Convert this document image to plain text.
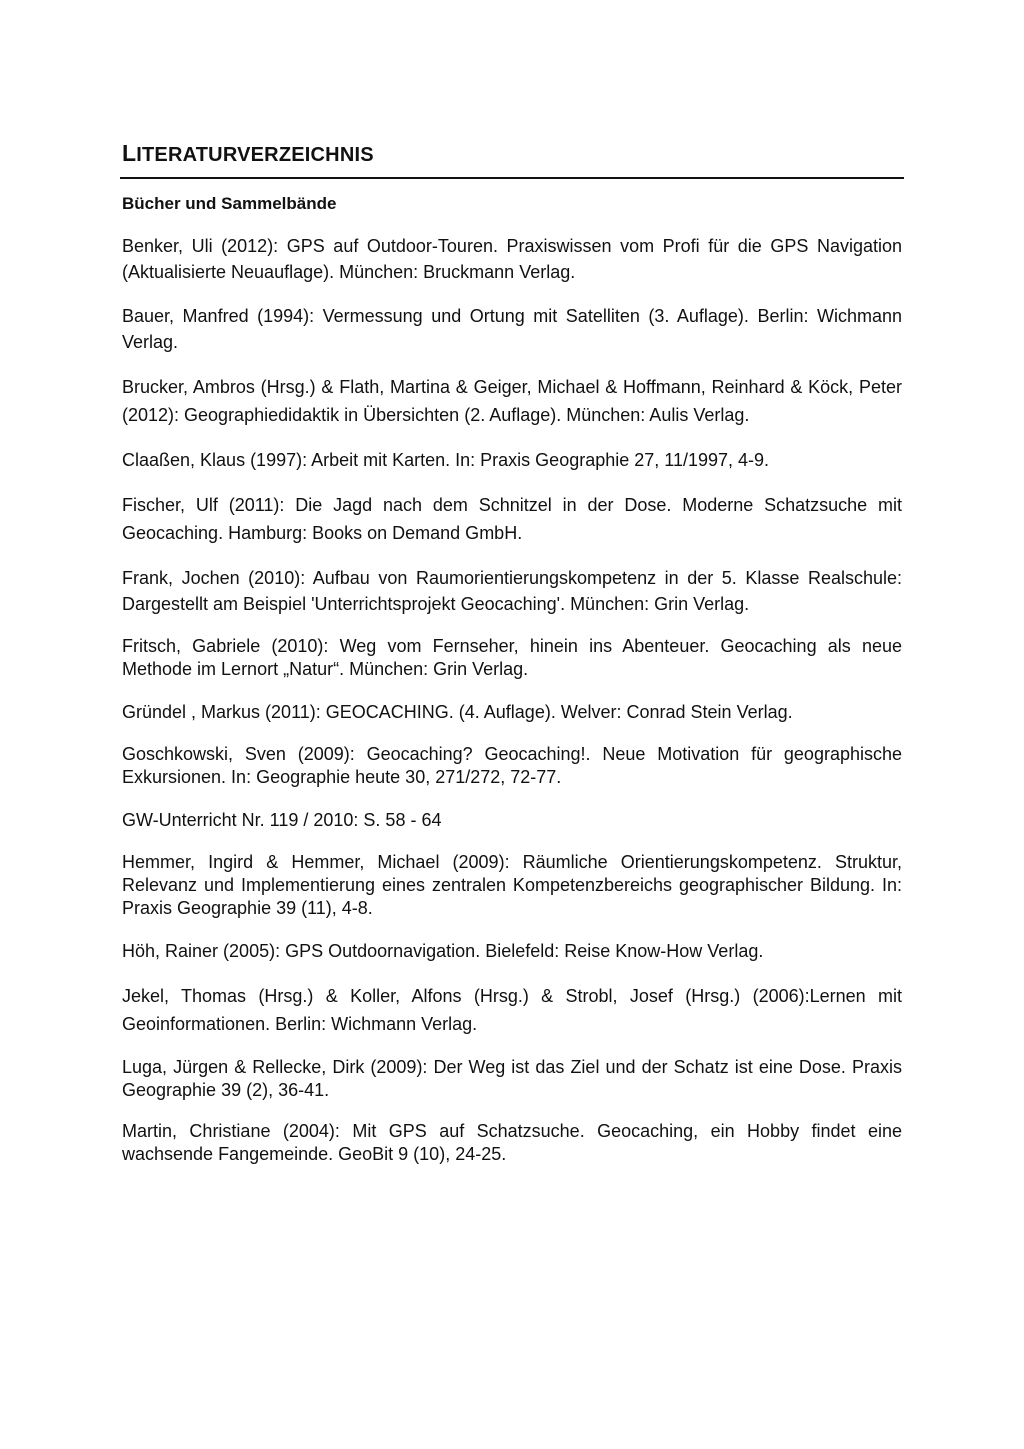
LITERATURVERZEICHNIS
Bücher und Sammelbände
Benker, Uli (2012): GPS auf Outdoor-Touren. Praxiswissen vom Profi für die GPS Navigation (Aktualisierte Neuauflage). München: Bruckmann Verlag.
Bauer, Manfred (1994): Vermessung und Ortung mit Satelliten (3. Auflage). Berlin: Wichmann Verlag.
Brucker, Ambros (Hrsg.) & Flath, Martina & Geiger, Michael & Hoffmann, Reinhard & Köck, Peter (2012): Geographiedidaktik in Übersichten (2. Auflage). München: Aulis Verlag.
Claaßen, Klaus (1997): Arbeit mit Karten. In: Praxis Geographie 27, 11/1997, 4-9.
Fischer, Ulf (2011): Die Jagd nach dem Schnitzel in der Dose. Moderne Schatzsuche mit Geocaching. Hamburg: Books on Demand GmbH.
Frank, Jochen (2010): Aufbau von Raumorientierungskompetenz in der 5. Klasse Realschule: Dargestellt am Beispiel 'Unterrichtsprojekt Geocaching'. München: Grin Verlag.
Fritsch, Gabriele (2010): Weg vom Fernseher, hinein ins Abenteuer. Geocaching als neue Methode im Lernort „Natur“. München: Grin Verlag.
Gründel , Markus (2011): GEOCACHING. (4. Auflage). Welver: Conrad Stein Verlag.
Goschkowski, Sven (2009): Geocaching? Geocaching!. Neue Motivation für geographische Exkursionen. In: Geographie heute 30, 271/272, 72-77.
GW-Unterricht Nr. 119 / 2010: S. 58 - 64
Hemmer, Ingird & Hemmer, Michael (2009): Räumliche Orientierungskompetenz. Struktur, Relevanz und Implementierung eines zentralen Kompetenzbereichs geographischer Bildung. In: Praxis Geographie 39 (11), 4-8.
Höh, Rainer (2005): GPS Outdoornavigation. Bielefeld: Reise Know-How Verlag.
Jekel, Thomas (Hrsg.) & Koller, Alfons (Hrsg.) & Strobl, Josef (Hrsg.) (2006):Lernen mit Geoinformationen. Berlin: Wichmann Verlag.
Luga, Jürgen & Rellecke, Dirk (2009): Der Weg ist das Ziel und der Schatz ist eine Dose. Praxis Geographie 39 (2), 36-41.
Martin, Christiane (2004): Mit GPS auf Schatzsuche. Geocaching, ein Hobby findet eine wachsende Fangemeinde. GeoBit 9 (10), 24-25.
